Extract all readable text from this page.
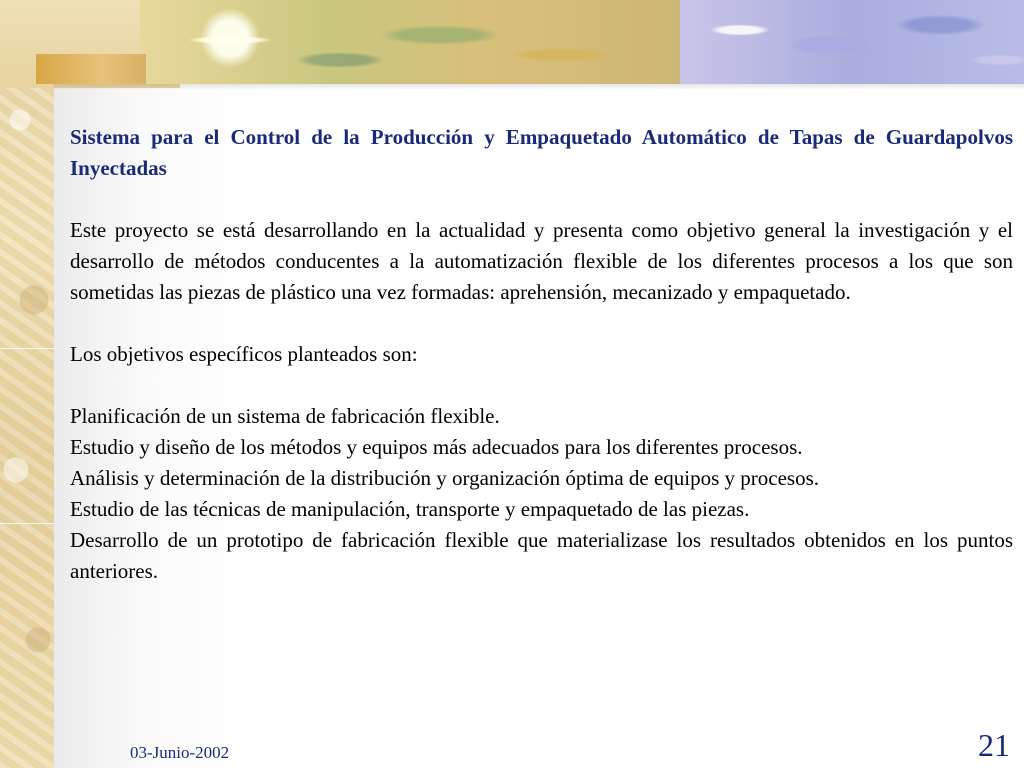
Sistema para el Control de la Producción y Empaquetado Automático de Tapas de Guardapolvos Inyectadas

Este proyecto se está desarrollando en la actualidad y presenta como objetivo general la investigación y el desarrollo de métodos conducentes a la automatización flexible de los diferentes procesos a los que son sometidas las piezas de plástico una vez formadas: aprehensión, mecanizado y empaquetado.

Los objetivos específicos planteados son:

Planificación de un sistema de fabricación flexible.
Estudio y diseño de los métodos y equipos más adecuados para los diferentes procesos.
Análisis y determinación de la distribución y organización óptima de equipos y procesos.
Estudio de las técnicas de manipulación, transporte y empaquetado de las piezas.
Desarrollo de un prototipo de fabricación flexible que materializase los resultados obtenidos en los puntos anteriores.
03-Junio-2002	21
